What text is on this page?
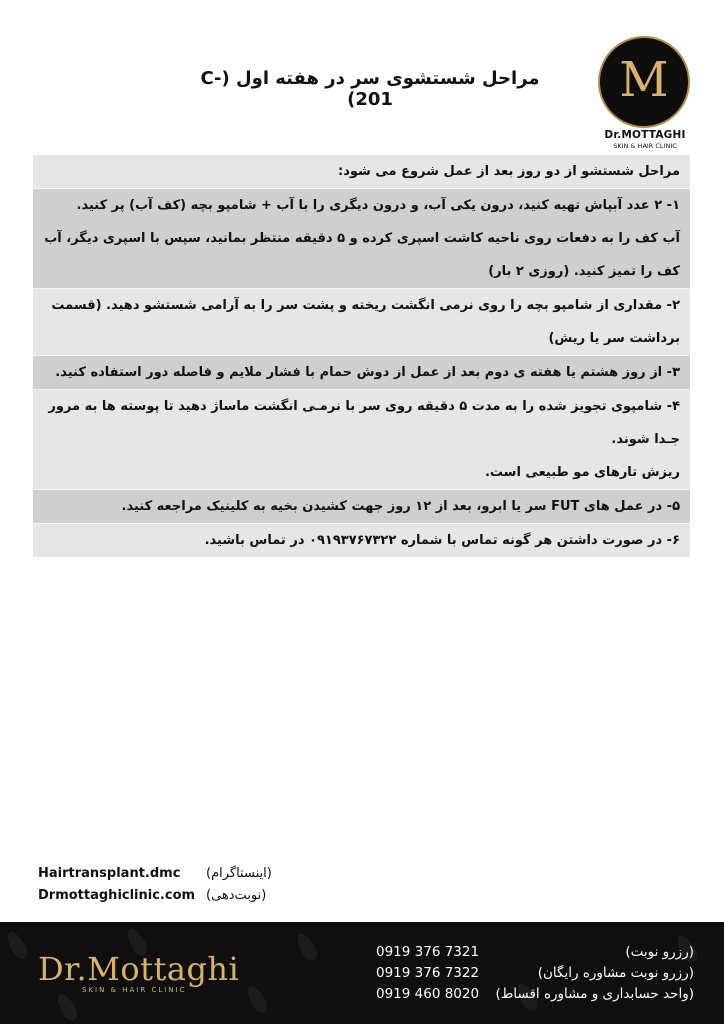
مراحل شستشوی سر در هفته اول (C-201)	M
Dr.MOTTAGHI
SKIN & HAIR CLINIC

مراحل شستشو از دو روز بعد از عمل شروع می شود:

۱- ۲ عدد آبپاش تهیه کنید، درون یکی آب، و درون دیگری را با آب + شامپو بچه (کف آب) پر کنید.

آب کف را به دفعات روی ناحیه کاشت اسپری کرده و ۵ دقیقه منتظر بمانید، سپس با اسپری دیگر، آب کف را تمیز کنید. (روزی ۲ بار)

۲- مقداری از شامپو بچه را روی نرمی انگشت ریخته و پشت سر را به آرامی شستشو دهید. (قسمت برداشت سر یا ریش)

۳- از روز هشتم یا هفته ی دوم بعد از عمل از دوش حمام با فشار ملایم و فاصله دور استفاده کنید.

۴- شامپوی تجویز شده را به مدت ۵ دقیقه روی سر با نرمـی انگشت ماساژ دهید تا پوسته ها به مرور جـدا شوند.

ریزش تارهای مو طبیعی است.

۵- در عمل های FUT سر یا ابرو، بعد از ۱۲ روز جهت کشیدن بخیه به کلینیک مراجعه کنید.

۶- در صورت داشتن هر گونه تماس با شماره ۰۹۱۹۳۷۶۷۳۲۲ در تماس باشید.

Hairtransplant.dmc (اینستاگرام)
Drmottaghiclinic.com (نوبت‌دهی)
Dr.Mottaghi
SKIN & HAIR CLINIC
0919 376 7321	(رزرو نوبت)
0919 376 7322	(رزرو نوبت مشاوره رایگان)
0919 460 8020 (واحد حسابداری و مشاوره اقساط)
